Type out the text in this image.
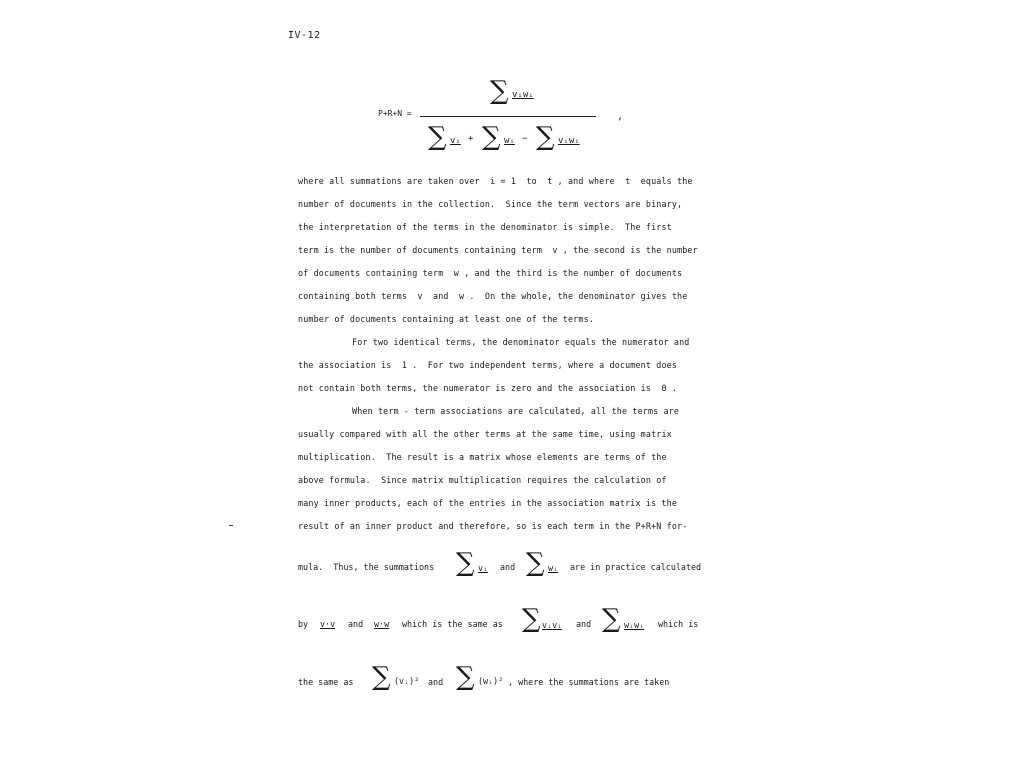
IV-12
P+R+N =
∑ vᵢwᵢ
∑ vᵢ + ∑ wᵢ − ∑ vᵢwᵢ
,
where all summations are taken over  i = 1  to  t , and where  t  equals the
number of documents in the collection.  Since the term vectors are binary,
the interpretation of the terms in the denominator is simple.  The first
term is the number of documents containing term  v , the second is the number
of documents containing term  w , and the third is the number of documents
containing both terms  v  and  w .  On the whole, the denominator gives the
number of documents containing at least one of the terms.
For two identical terms, the denominator equals the numerator and
the association is  1 .  For two independent terms, where a document does
not contain both terms, the numerator is zero and the association is  0 .
When term - term associations are calculated, all the terms are
usually compared with all the other terms at the same time, using matrix
multiplication.  The result is a matrix whose elements are terms of the
above formula.  Since matrix multiplication requires the calculation of
many inner products, each of the entries in the association matrix is the
result of an inner product and therefore, so is each term in the P+R+N for-
mula.  Thus, the summations ∑ vᵢ and ∑ wᵢ are in practice calculated
by v·v and w·w which is the same as ∑ vᵢvᵢ and ∑ wᵢwᵢ which is
the same as ∑ (vᵢ)² and ∑ (wᵢ)² , where the summations are taken
